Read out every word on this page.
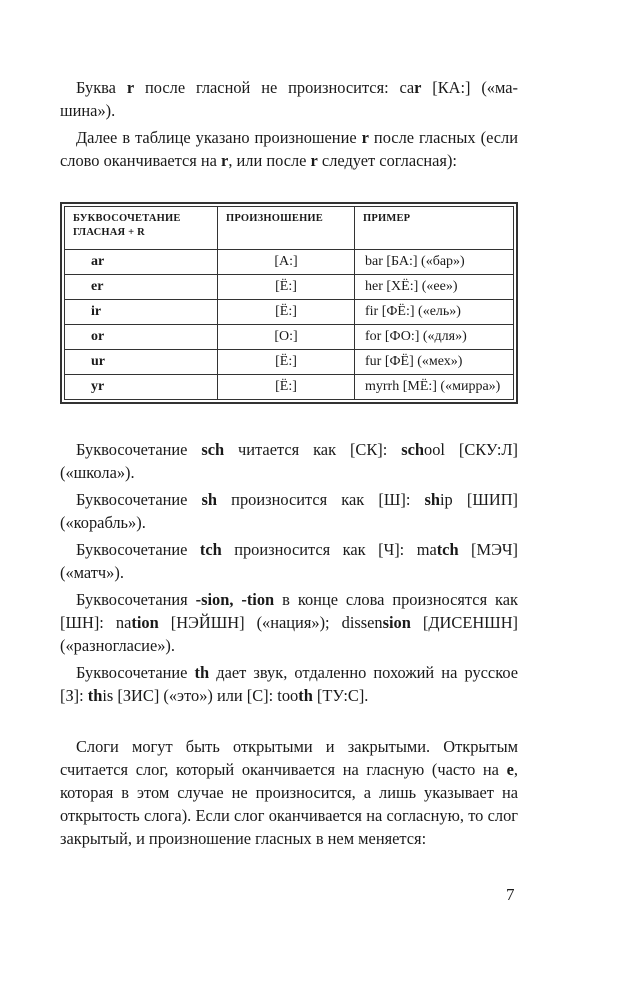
Буква r после гласной не произносится: car [КА:] («ма-шина»).

Далее в таблице указано произношение r после гласных (если слово оканчивается на r, или после r следует согласная):

БУКВОСОЧЕТАНИЕ ГЛАСНАЯ + R	ПРОИЗНОШЕНИЕ	ПРИМЕР
ar	[А:]	bar [БА:] («бар»)
er	[Ё:]	her [ХЁ:] («ее»)
ir	[Ё:]	fir [ФЁ:] («ель»)
or	[О:]	for [ФО:] («для»)
ur	[Ё:]	fur [ФЁ] («мех»)
yr	[Ё:]	myrrh [МЁ:] («мирра»)

Буквосочетание sch читается как [СК]: school [СКУ:Л] («школа»).

Буквосочетание sh произносится как [Ш]: ship [ШИП] («корабль»).

Буквосочетание tch произносится как [Ч]: match [МЭЧ] («матч»).

Буквосочетания -sion, -tion в конце слова произносятся как [ШН]: nation [НЭЙШН] («нация»); dissension [ДИСЕНШН] («разногласие»).

Буквосочетание th дает звук, отдаленно похожий на русское [З]: this [ЗИС] («это») или [С]: tooth [ТУ:С].

Слоги могут быть открытыми и закрытыми. Открытым считается слог, который оканчивается на гласную (часто на e, которая в этом случае не произносится, а лишь указывает на открытость слога). Если слог оканчивается на согласную, то слог закрытый, и произношение гласных в нем меняется:

7
